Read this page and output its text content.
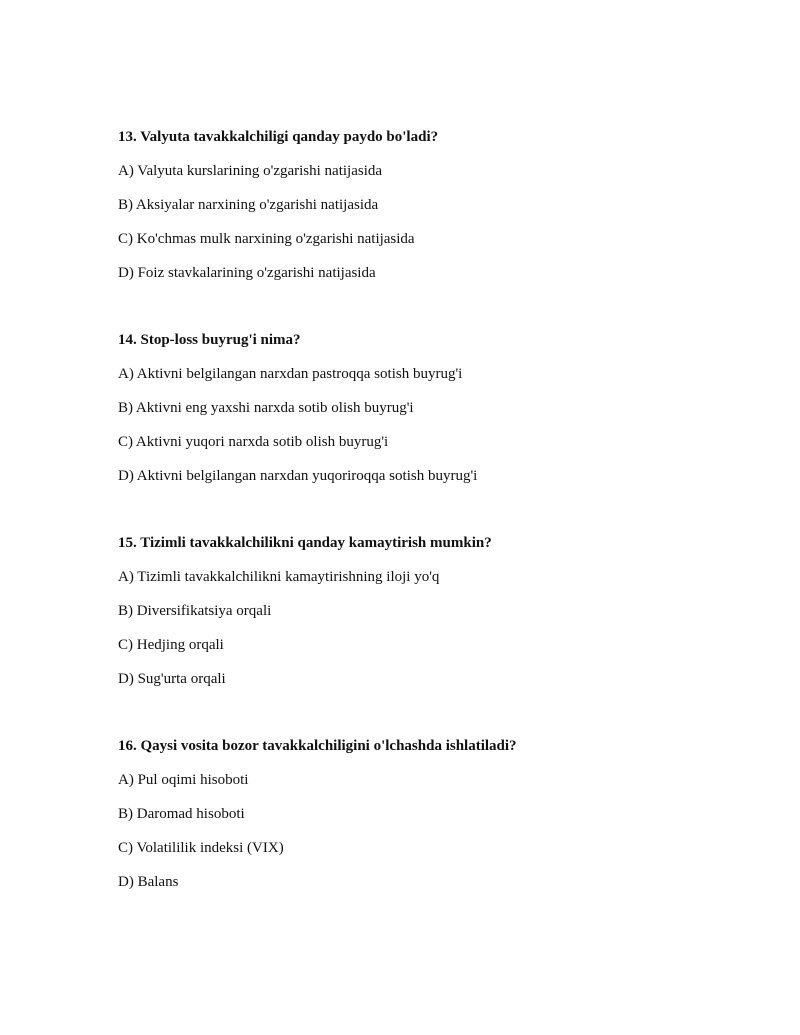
13. Valyuta tavakkalchiligi qanday paydo bo'ladi?
A) Valyuta kurslarining o'zgarishi natijasida
B) Aksiyalar narxining o'zgarishi natijasida
C) Ko'chmas mulk narxining o'zgarishi natijasida
D) Foiz stavkalarining o'zgarishi natijasida
14. Stop-loss buyrug'i nima?
A) Aktivni belgilangan narxdan pastroqqa sotish buyrug'i
B) Aktivni eng yaxshi narxda sotib olish buyrug'i
C) Aktivni yuqori narxda sotib olish buyrug'i
D) Aktivni belgilangan narxdan yuqoriroqqa sotish buyrug'i
15. Tizimli tavakkalchilikni qanday kamaytirish mumkin?
A) Tizimli tavakkalchilikni kamaytirishning iloji yo'q
B) Diversifikatsiya orqali
C) Hedjing orqali
D) Sug'urta orqali
16. Qaysi vosita bozor tavakkalchiligini o'lchashda ishlatiladi?
A) Pul oqimi hisoboti
B) Daromad hisoboti
C) Volatililik indeksi (VIX)
D) Balans
